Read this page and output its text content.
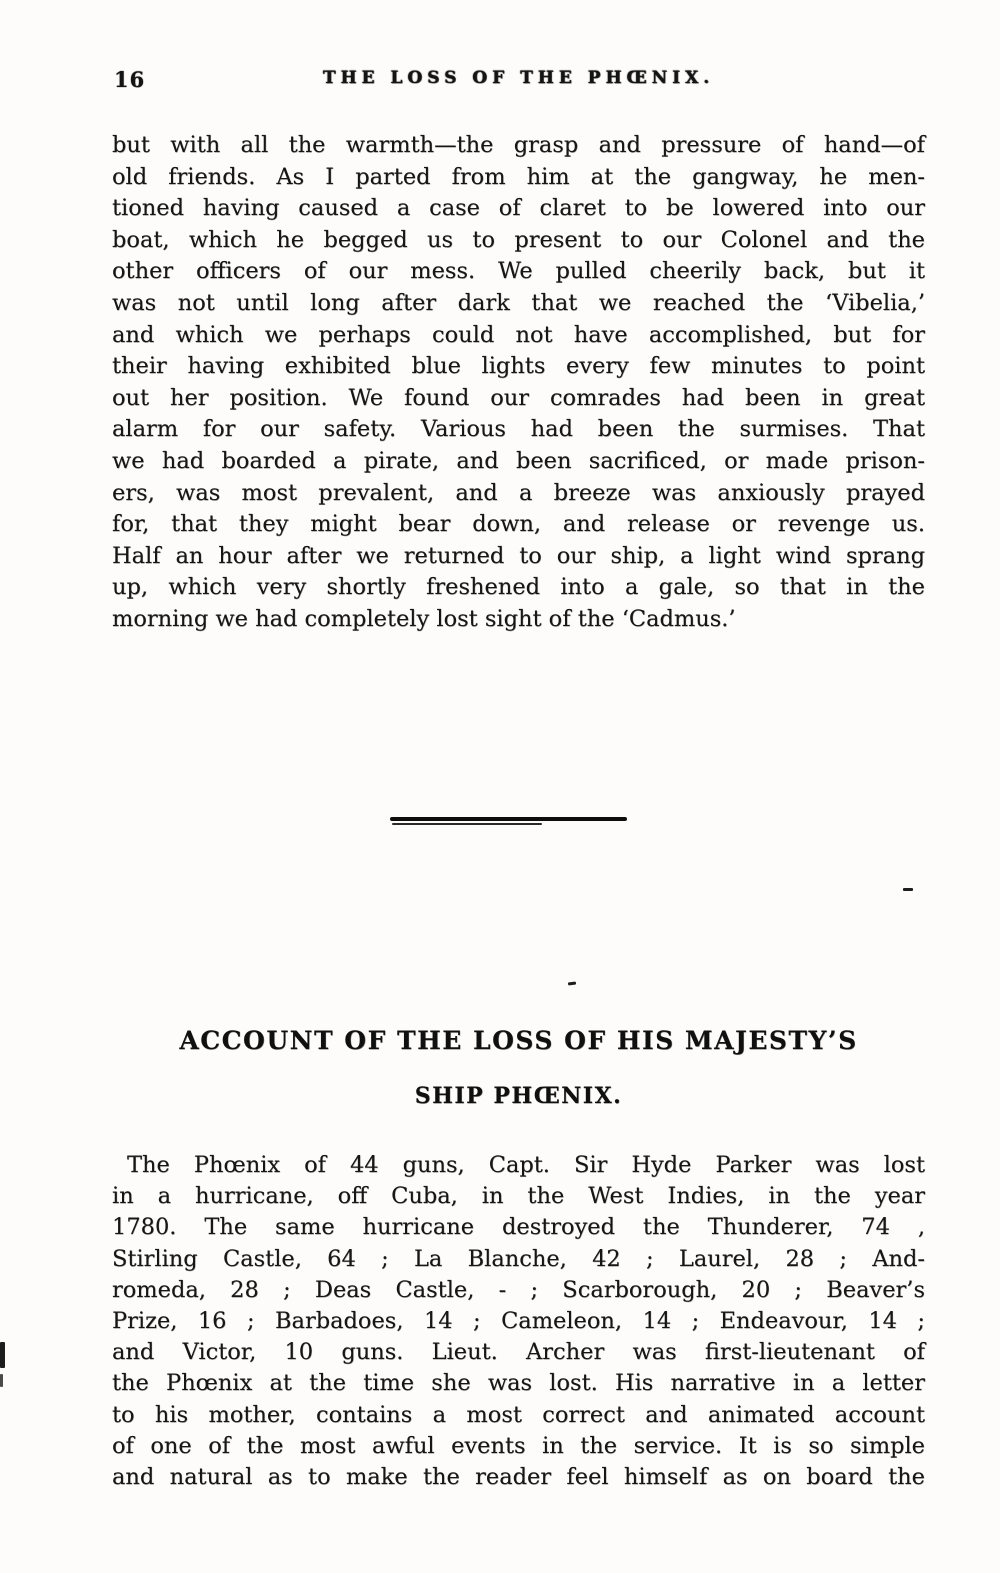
16	THE LOSS OF THE PHŒNIX.
but with all the warmth—the grasp and pressure of hand—of
old friends. As I parted from him at the gangway, he men-
tioned having caused a case of claret to be lowered into our
boat, which he begged us to present to our Colonel and the
other officers of our mess. We pulled cheerily back, but it
was not until long after dark that we reached the ‘Vibelia,’
and which we perhaps could not have accomplished, but for
their having exhibited blue lights every few minutes to point
out her position. We found our comrades had been in great
alarm for our safety. Various had been the surmises. That
we had boarded a pirate, and been sacrificed, or made prison-
ers, was most prevalent, and a breeze was anxiously prayed
for, that they might bear down, and release or revenge us.
Half an hour after we returned to our ship, a light wind sprang
up, which very shortly freshened into a gale, so that in the
morning we had completely lost sight of the ‘Cadmus.’
ACCOUNT OF THE LOSS OF HIS MAJESTY’S
SHIP PHŒNIX.
The Phœnix of 44 guns, Capt. Sir Hyde Parker was lost
in a hurricane, off Cuba, in the West Indies, in the year
1780. The same hurricane destroyed the Thunderer, 74 ,
Stirling Castle, 64 ; La Blanche, 42 ; Laurel, 28 ; And-
romeda, 28 ; Deas Castle, - ; Scarborough, 20 ; Beaver’s
Prize, 16 ; Barbadoes, 14 ; Cameleon, 14 ; Endeavour, 14 ;
and Victor, 10 guns. Lieut. Archer was first-lieutenant of
the Phœnix at the time she was lost. His narrative in a letter
to his mother, contains a most correct and animated account
of one of the most awful events in the service. It is so simple
and natural as to make the reader feel himself as on board the
